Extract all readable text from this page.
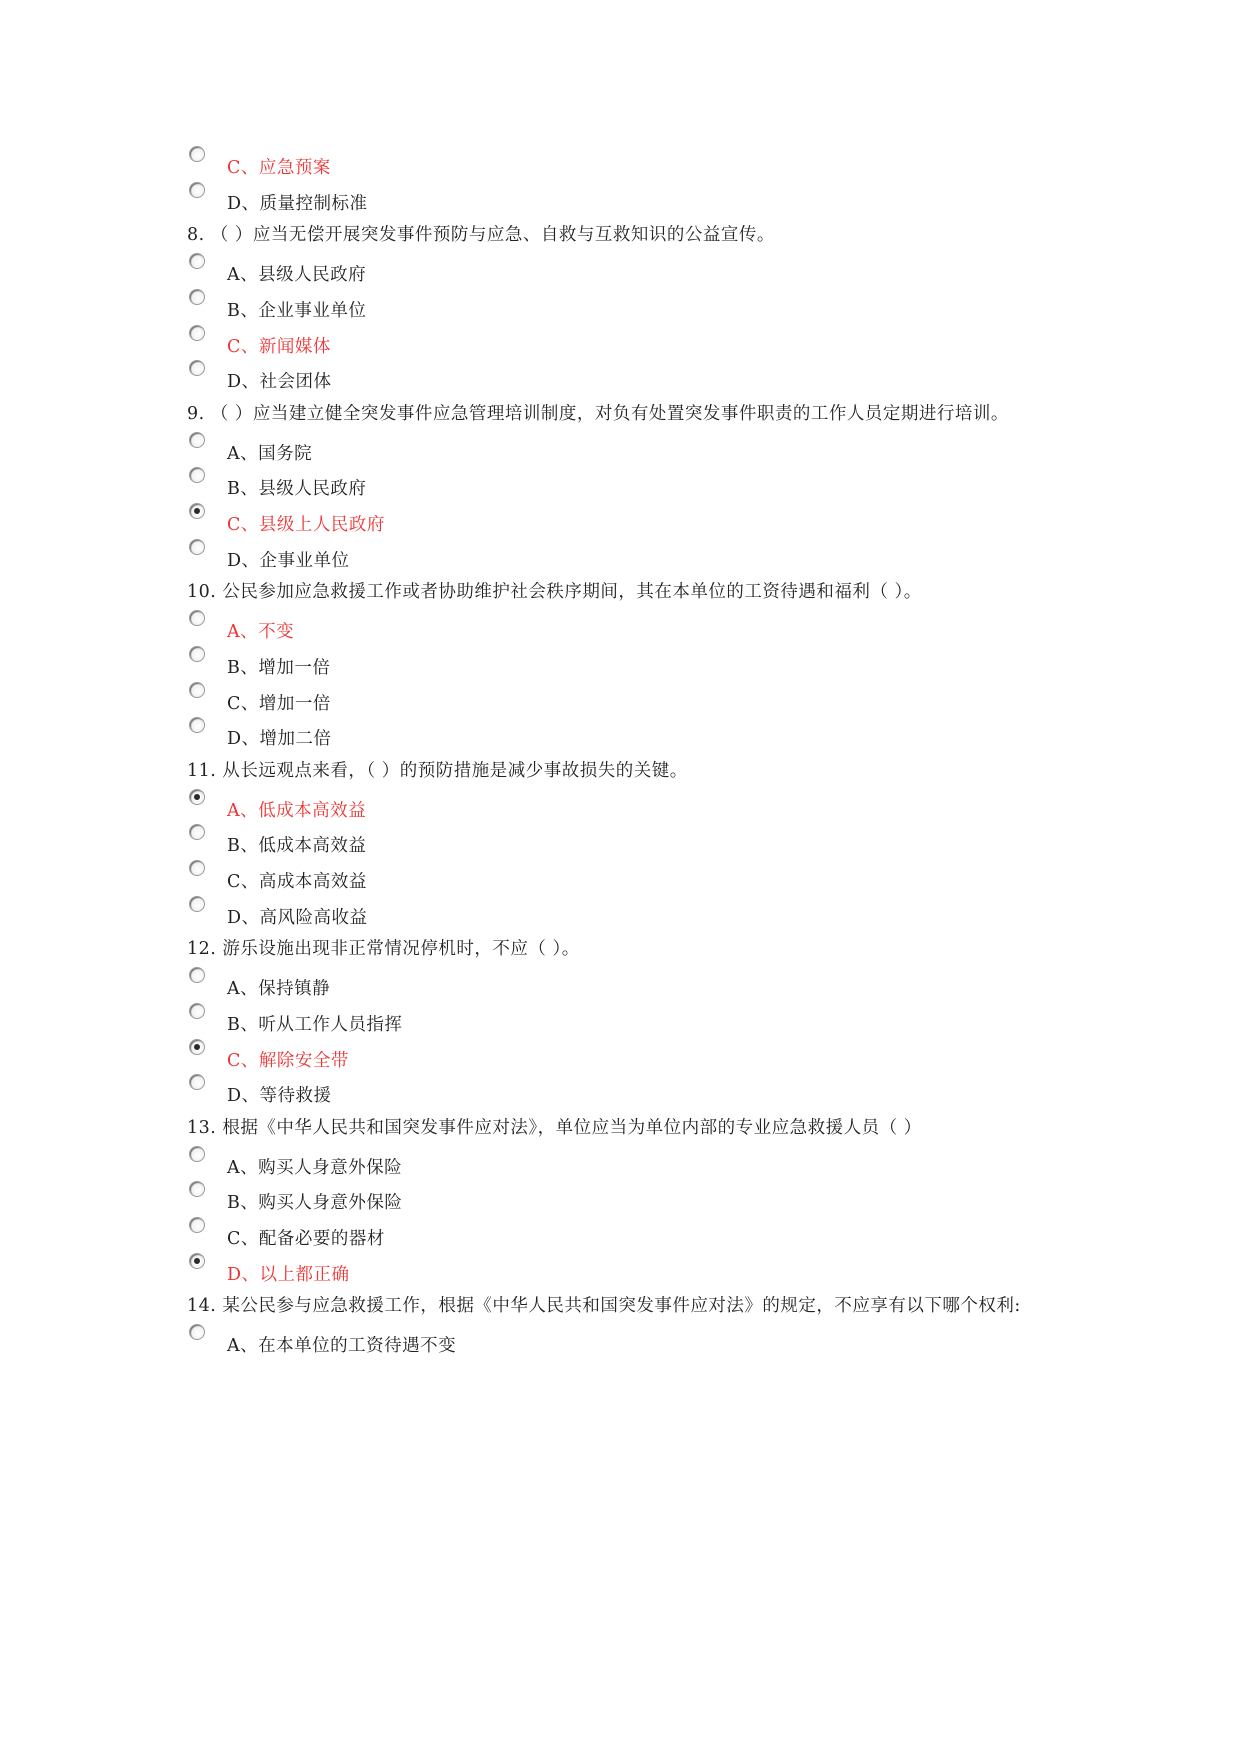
C、应急预案
D、质量控制标准
8. （ ）应当无偿开展突发事件预防与应急、自救与互救知识的公益宣传。
A、县级人民政府
B、企业事业单位
C、新闻媒体
D、社会团体
9. （ ）应当建立健全突发事件应急管理培训制度，对负有处置突发事件职责的工作人员定期进行培训。
A、国务院
B、县级人民政府
C、县级上人民政府
D、企事业单位
10. 公民参加应急救援工作或者协助维护社会秩序期间，其在本单位的工资待遇和福利（ ）。
A、不变
B、增加一倍
C、增加一倍
D、增加二倍
11. 从长远观点来看，（ ）的预防措施是减少事故损失的关键。
A、低成本高效益
B、低成本高效益
C、高成本高效益
D、高风险高收益
12. 游乐设施出现非正常情况停机时，不应（ ）。
A、保持镇静
B、听从工作人员指挥
C、解除安全带
D、等待救援
13. 根据《中华人民共和国突发事件应对法》，单位应当为单位内部的专业应急救援人员（ ）
A、购买人身意外保险
B、购买人身意外保险
C、配备必要的器材
D、以上都正确
14. 某公民参与应急救援工作，根据《中华人民共和国突发事件应对法》的规定，不应享有以下哪个权利:
A、在本单位的工资待遇不变
